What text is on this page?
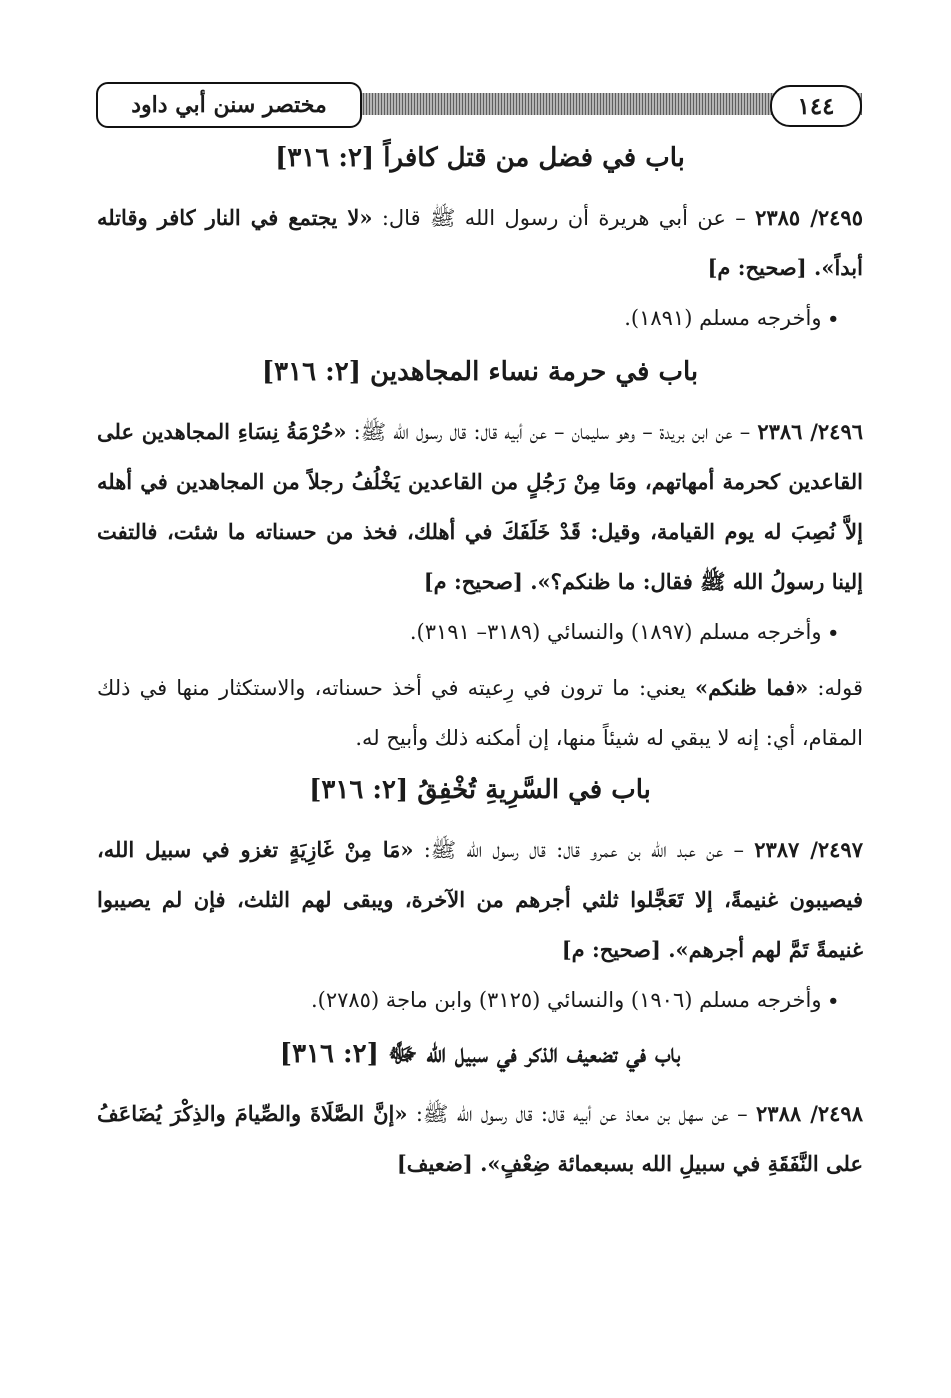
مختصر سنن أبي داود	١٤٤
باب في فضل من قتل كافراً [٢: ٣١٦]

٢٤٩٥/ ٢٣٨٥ – عن أبي هريرة أن رسول الله ﷺ قال: «لا يجتمع في النار كافر وقاتله أبداً». [صحيح: م]

•
وأخرجه مسلم (١٨٩١).
باب في حرمة نساء المجاهدين [٢: ٣١٦]

٢٤٩٦/ ٢٣٨٦ – عن ابن بريدة – وهو سليمان – عن أبيه قال: قال رسول الله ﷺ: «حُرْمَةُ نِسَاءِ المجاهدين على القاعدين كحرمة أمهاتهم، ومَا مِنْ رَجُلٍ من القاعدين يَخْلُفُ رجلاً من المجاهدين في أهله إلاَّ نُصِبَ له يوم القيامة، وقيل: قَدْ خَلَفَكَ في أهلك، فخذ من حسناته ما شئت، فالتفت إلينا رسولُ الله ﷺ فقال: ما ظنكم؟». [صحيح: م]

•
وأخرجه مسلم (١٨٩٧) والنسائي (٣١٨٩– ٣١٩١).

قوله: «فما ظنكم» يعني: ما ترون في رِعيته في أخذ حسناته، والاستكثار منها في ذلك المقام، أي: إنه لا يبقي له شيئاً منها، إن أمكنه ذلك وأبيح له.

باب في السَّرِيةِ تُخْفِقُ [٢: ٣١٦]

٢٤٩٧/ ٢٣٨٧ – عن عبد الله بن عمرو قال: قال رسول الله ﷺ: «مَا مِنْ غَازِيَةٍ تغزو في سبيل الله، فيصيبون غنيمةً، إلا تَعَجَّلوا ثلثي أجرهم من الآخرة، ويبقى لهم الثلث، فإن لم يصيبوا غنيمةً تَمَّ لهم أجرهم». [صحيح: م]

•
وأخرجه مسلم (١٩٠٦) والنسائي (٣١٢٥) وابن ماجة (٢٧٨٥).
باب في تضعيف الذكر في سبيل الله ﷻ [٢: ٣١٦]

٢٤٩٨/ ٢٣٨٨ – عن سهل بن معاذ عن أبيه قال: قال رسول الله ﷺ: «إنَّ الصَّلَاةَ والصِّيامَ والذِكْرَ يُضَاعَفُ على النَّفَقَةِ في سبيلِ الله بسبعمائة ضِعْفٍ». [ضعيف]
